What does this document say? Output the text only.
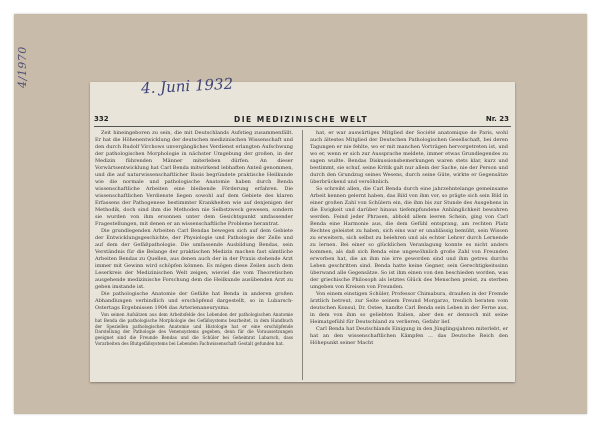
4/1970
332	DIE MEDIZINISCHE WELT	Nr. 23

Zeit hineingeboren zu sein, die mit Deutschlands Aufstieg zusammenfällt. Er hat die Höhenentwicklung der deutschen medizinischen Wissenschaft und den durch Rudolf Virchows unvergängliches Verdienst erlangten Aufschwung der pathologischen Morphologie in nächster Umgebung der großen, in der Medizin führenden Männer miterleben dürfen. An dieser Vorwärtsentwicklung hat Carl Benda mitwirkend lebhaften Anteil genommen, und die auf naturwissenschaftlicher Basis begründete praktische Heilkunde wie die normale und pathologische Anatomie haben durch Benda wissenschaftliche Arbeiten eine bleibende Förderung erfahren. Die wissenschaftlichen Verdienste liegen sowohl auf dem Gebiete des klaren Erfassens der Pathogenese bestimmter Krankheiten wie auf denjenigen der Methodik, doch sind ihm die Methoden nie Selbstzweck gewesen, sondern sie wurden von ihm ersonnen unter dem Gesichtspunkt umfassender Fragestellungen, mit denen er an wissenschaftliche Probleme herantrat.

Die grundlegenden Arbeiten Carl Bendas bewegen sich auf dem Gebiete der Entwicklungsgeschichte, der Physiologie und Pathologie der Zelle und auf dem der Gefäßpathologie. Die umfassende Ausbildung Bendas, sein Verständnis für die Belange der praktischen Medizin machen fast sämtliche Arbeiten Bendas zu Quellen, aus denen auch der in der Praxis stehende Arzt immer mit Gewinn wird schöpfen können. Es mögen diese Zeilen auch dem Leserkreis der Medizinischen Welt zeigen, wieviel die vom Theoretischen ausgehende medizinische Forschung dem die Heilkunde ausübenden Arzt zu geben imstande ist.

Die pathologische Anatomie der Gefäße hat Benda in anderen großen Abhandlungen verbindlich und erschöpfend dargestellt, so in Lubarsch-Ostertags Ergebnissen 1904 das Arterienaneurysma.

Von seinen Aufsätzen aus dem Arbeitsfelde des Lebenden der pathologischen Anatomie hat Benda die pathologische Morphologie des Gefäßsystems bearbeitet, in dem Handbuch der Speziellen pathologischen Anatomie und Histologie hat er eine erschöpfende Darstellung der Pathologie des Venensystems gegeben, denn für die Voraussetzungen geeignet sind die Freunde Bendas und die Schüler bei Geheimrat Lubarsch, dass Vorarbeiten des Blutgefäßsystems bei Lebenden Fachwissenschaft Gestalt gefunden hat.

hat, er war auswärtiges Mitglied der Société anatomique de Paris, wohl auch ältestes Mitglied der Deutschen Pathologischen Gesellschaft, bei deren Tagungen er nie fehlte, wo er mit manchen Vorträgen hervorgetreten ist, und wo er, wenn er sich zur Aussprache meldete, immer etwas Grundlegendes zu sagen wußte. Bendas Diskussionsbemerkungen waren stets klar, kurz und bestimmt, sie schuf, seine Kritik galt nur allein der Sache, nie der Person und durch den Grundzug seines Wesens, durch seine Güte, wirkte er Gegensätze überbrückend und versöhnlich.

So schreibt allen, die Carl Benda durch eine jahrzehntelange gemeinsame Arbeit kennen gelernt haben, das Bild von ihm vor, so prägte sich sein Bild in einer großen Zahl von Schülern ein, die ihm bis zur Stunde des Ausgehens in die Ewigkeit und darüber hinaus tiefempfundene Anhänglichkeit bewahren werden. Feind jeder Phrasen, abhold allem leeren Schein, ging von Carl Benda eine Harmonie aus, die dem Gefühl entsprang, am rechten Platz Rechtes geleistet zu haben, sich eins war er unablässig bemüht, sein Wissen zu erweitern, sich selbst zu belehren und als echter Lehrer durch Lernende zu lernen. Bei einer so glücklichen Veranlagung konnte es nicht anders kommen, als daß sich Benda eine ungewöhnlich große Zahl von Freunden erworben hat, die an ihm nie irre geworden sind und ihm getreu durchs Leben geschritten sind. Benda hatte keine Gegner, sein Gerechtigkeitssinn überwand alle Gegensätze. So ist ihm einen von den beschieden worden, was der griechische Philosoph als letztes Glück des Menschen preist, zu sterben umgeben von Kreisen von Freunden.

Von einem einstigen Schüler, Professor Chimabura, draußen in der Fremde ärztlich betreut, zur Seite seinem Freund Morgarzo, treulich beraten vom deutschen Konsul, Dr. Ostee, handte Carl Benda sein Leben in der Ferne aus, in dem von ihm so geliebten Italien, aber den er dennoch mit seine Heimatgefühl für Deutschland zu verlieren, Gefahr lief.

Carl Benda hat Deutschlands Einigung in den Jünglingsjahren miterlebt, er hat an den wissenschaftlichen Kämpfen ... das Deutsche Reich den Höhepunkt seiner Macht

4. Juni 1932
